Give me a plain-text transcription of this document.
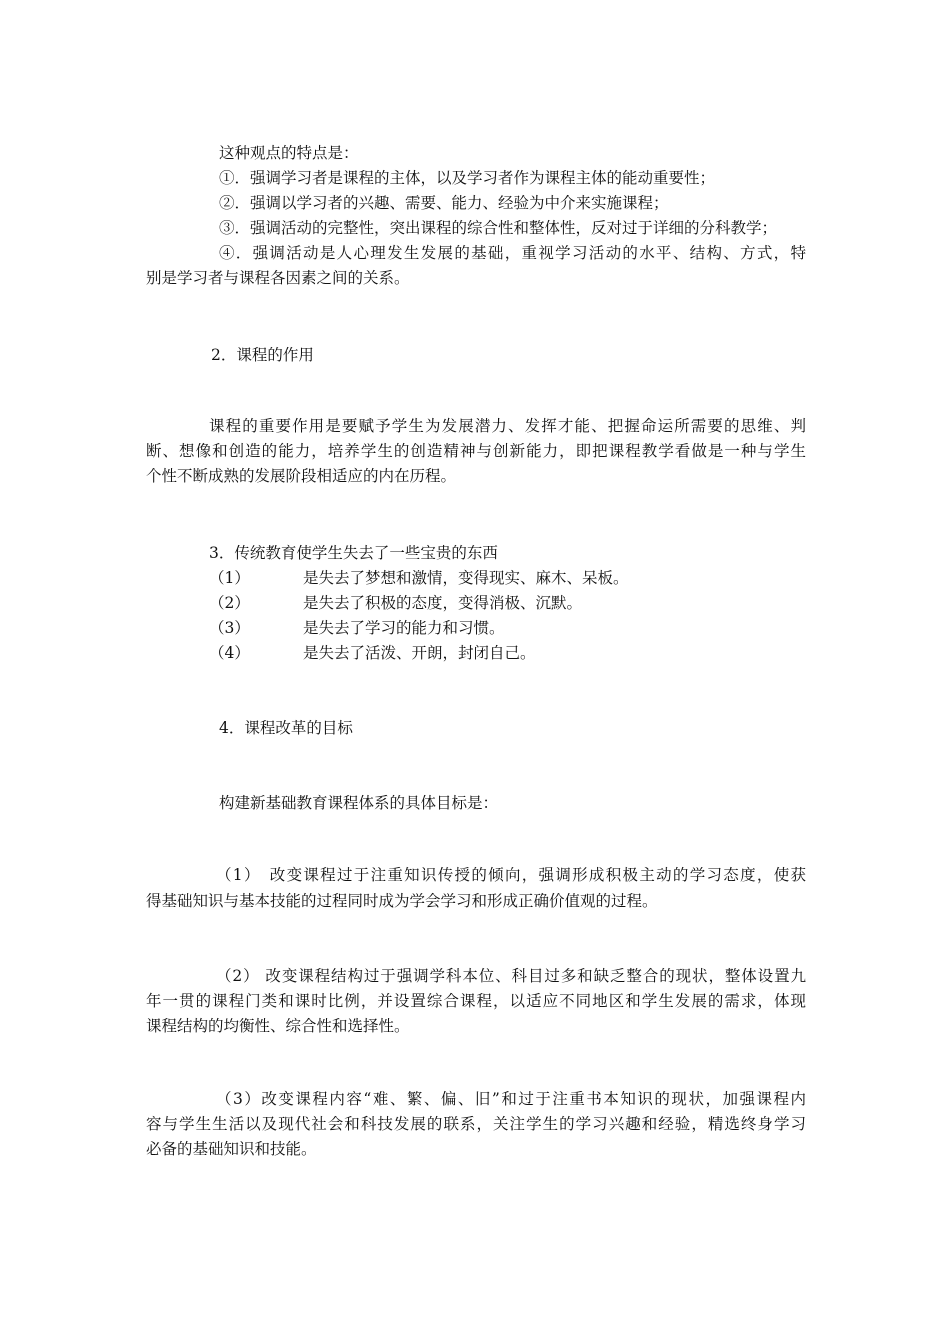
这种观点的特点是：
①．强调学习者是课程的主体，以及学习者作为课程主体的能动重要性；
②．强调以学习者的兴趣、需要、能力、经验为中介来实施课程；
③．强调活动的完整性，突出课程的综合性和整体性，反对过于详细的分科教学；
④．强调活动是人心理发生发展的基础，重视学习活动的水平、结构、方式，特
别是学习者与课程各因素之间的关系。
2．课程的作用
课程的重要作用是要赋予学生为发展潜力、发挥才能、把握命运所需要的思维、判
断、想像和创造的能力，培养学生的创造精神与创新能力，即把课程教学看做是一种与学生
个性不断成熟的发展阶段相适应的内在历程。
3．传统教育使学生失去了一些宝贵的东西
（1）	是失去了梦想和激情，变得现实、麻木、呆板。
（2）	是失去了积极的态度，变得消极、沉默。
（3）	是失去了学习的能力和习惯。
（4）	是失去了活泼、开朗，封闭自己。
4．课程改革的目标
构建新基础教育课程体系的具体目标是：
（1）　改变课程过于注重知识传授的倾向，强调形成积极主动的学习态度，使获
得基础知识与基本技能的过程同时成为学会学习和形成正确价值观的过程。
（2） 改变课程结构过于强调学科本位、科目过多和缺乏整合的现状，整体设置九
年一贯的课程门类和课时比例，并设置综合课程，以适应不同地区和学生发展的需求，体现
课程结构的均衡性、综合性和选择性。
（3）改变课程内容“难、繁、偏、旧”和过于注重书本知识的现状，加强课程内
容与学生生活以及现代社会和科技发展的联系，关注学生的学习兴趣和经验，精选终身学习
必备的基础知识和技能。
